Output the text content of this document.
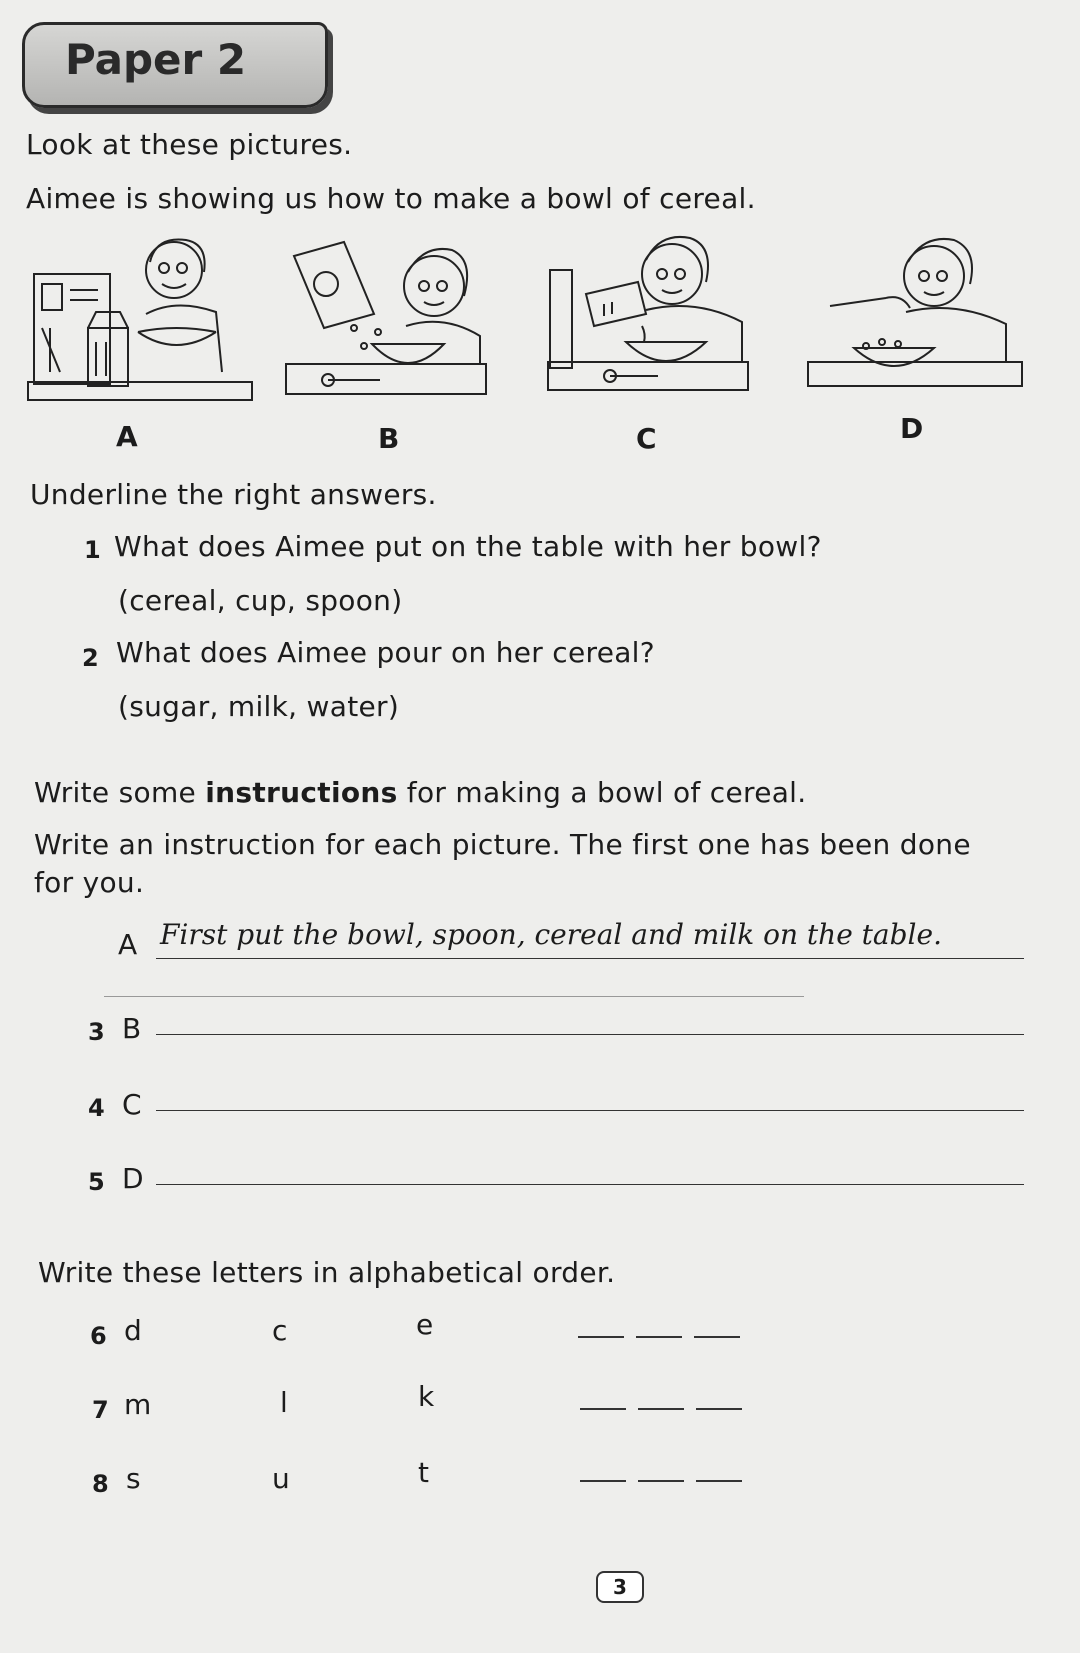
Paper 2
Look at these pictures.
Aimee is showing us how to make a bowl of cereal.
A	B	C	D
Underline the right answers.
1 What does Aimee put on the table with her bowl?
(cereal, cup, spoon)
2 What does Aimee pour on her cereal?
(sugar, milk, water)
Write some instructions for making a bowl of cereal.
Write an instruction for each picture. The first one has been done
for you.
A First put the bowl, spoon, cereal and milk on the table.
3 B
4 C
5 D
Write these letters in alphabetical order.
6 d	c	e
7 m	l	k
8 s	u	t
3
